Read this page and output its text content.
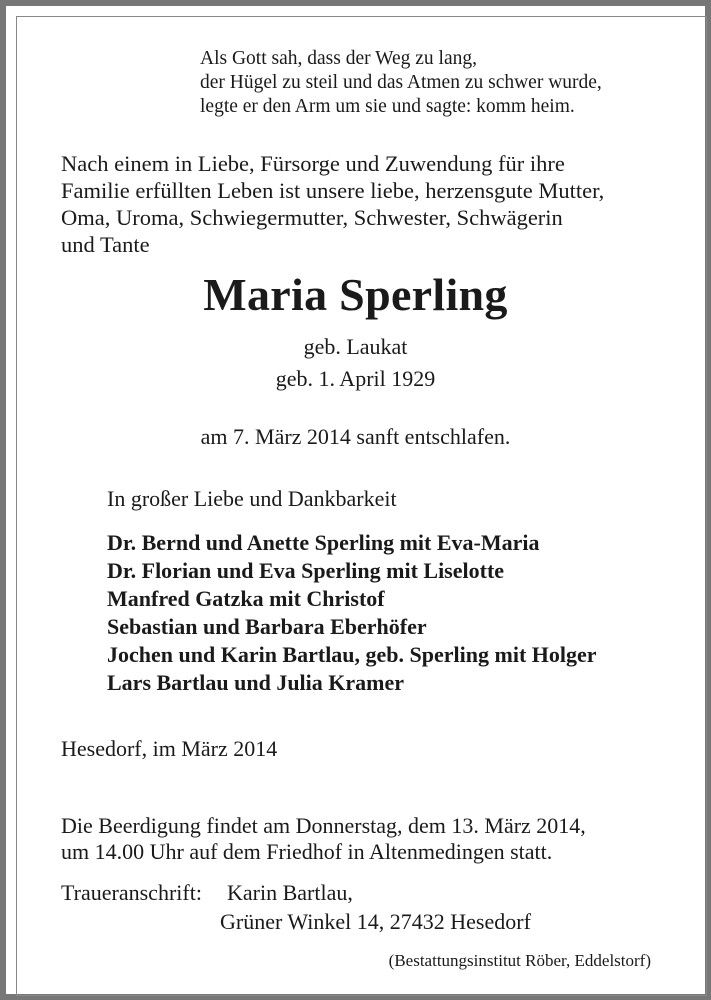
Als Gott sah, dass der Weg zu lang,
der Hügel zu steil und das Atmen zu schwer wurde,
legte er den Arm um sie und sagte: komm heim.
Nach einem in Liebe, Fürsorge und Zuwendung für ihre
Familie erfüllten Leben ist unsere liebe, herzensgute Mutter,
Oma, Uroma, Schwiegermutter, Schwester, Schwägerin
und Tante
Maria Sperling
geb. Laukat
geb. 1. April 1929
am 7. März 2014 sanft entschlafen.
In großer Liebe und Dankbarkeit
Dr. Bernd und Anette Sperling mit Eva-Maria
Dr. Florian und Eva Sperling mit Liselotte
Manfred Gatzka mit Christof
Sebastian und Barbara Eberhöfer
Jochen und Karin Bartlau, geb. Sperling mit Holger
Lars Bartlau und Julia Kramer
Hesedorf, im März 2014
Die Beerdigung findet am Donnerstag, dem 13. März 2014,
um 14.00 Uhr auf dem Friedhof in Altenmedingen statt.
Traueranschrift: Karin Bartlau,
Grüner Winkel 14, 27432 Hesedorf
(Bestattungsinstitut Röber, Eddelstorf)
